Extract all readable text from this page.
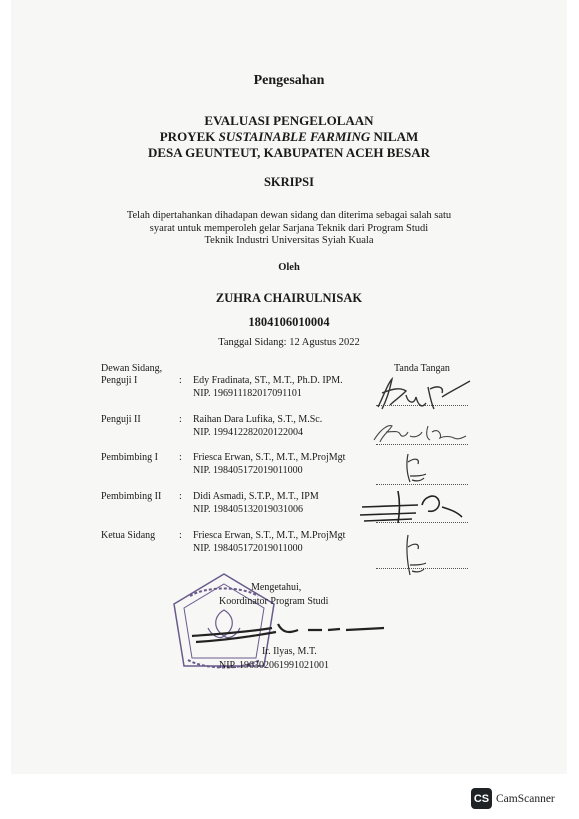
Pengesahan
EVALUASI PENGELOLAAN
PROYEK SUSTAINABLE FARMING NILAM
DESA GEUNTEUT, KABUPATEN ACEH BESAR
SKRIPSI
Telah dipertahankan dihadapan dewan sidang dan diterima sebagai salah satu
syarat untuk memperoleh gelar Sarjana Teknik dari Program Studi
Teknik Industri Universitas Syiah Kuala
Oleh
ZUHRA CHAIRULNISAK
1804106010004
Tanggal Sidang: 12 Agustus 2022
Dewan Sidang,	Tanda Tangan
Penguji I	: Edy Fradinata, ST., M.T., Ph.D. IPM.
NIP. 196911182017091101
Penguji II	: Raihan Dara Lufika, S.T., M.Sc.
NIP. 199412282020122004
Pembimbing I : Friesca Erwan, S.T., M.T., M.ProjMgt
NIP. 198405172019011000
Pembimbing II : Didi Asmadi, S.T.P., M.T., IPM
NIP. 198405132019031006
Ketua Sidang : Friesca Erwan, S.T., M.T., M.ProjMgt
NIP. 198405172019011000
Mengetahui,
Koordinator Program Studi
Ir. Ilyas, M.T.
NIP. 196302061991021001
CS CamScanner
